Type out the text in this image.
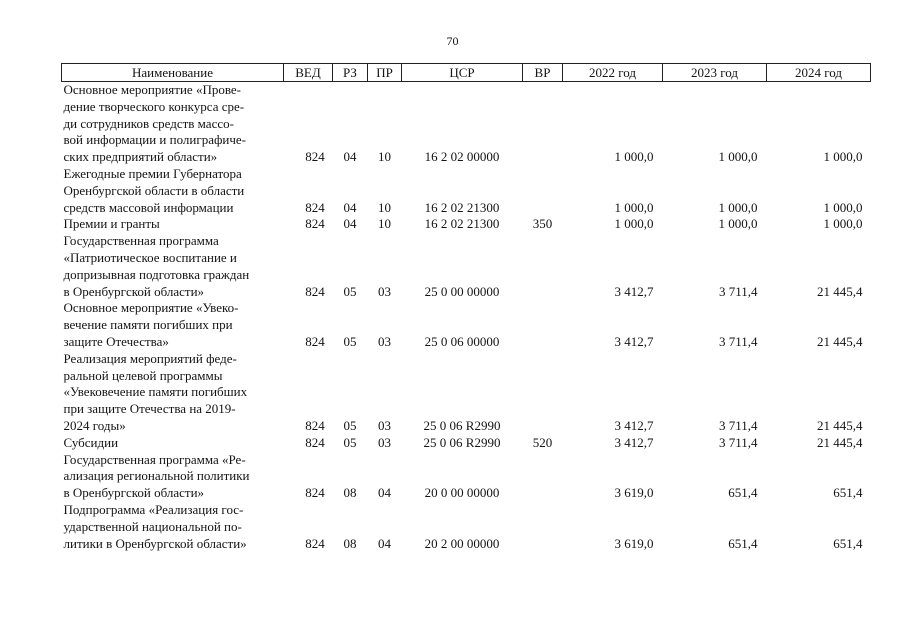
70
Наименование	ВЕД	РЗ	ПР	ЦСР	ВР	2022 год	2023 год	2024 год
Основное мероприятие «Прове-
дение творческого конкурса сре-
ди сотрудников средств массо-
вой информации и полиграфиче-
ских предприятий области»	824	04	10	16 2 02 00000		1 000,0	1 000,0	1 000,0
Ежегодные премии Губернатора
Оренбургской области в области
средств массовой информации	824	04	10	16 2 02 21300		1 000,0	1 000,0	1 000,0
Премии и гранты	824	04	10	16 2 02 21300	350	1 000,0	1 000,0	1 000,0
Государственная программа
«Патриотическое воспитание и
допризывная подготовка граждан
в Оренбургской области»	824	05	03	25 0 00 00000		3 412,7	3 711,4	21 445,4
Основное мероприятие «Увеко-
вечение памяти погибших при
защите Отечества»	824	05	03	25 0 06 00000		3 412,7	3 711,4	21 445,4
Реализация мероприятий феде-
ральной целевой программы
«Увековечение памяти погибших
при защите Отечества на 2019-
2024 годы»	824	05	03	25 0 06 R2990		3 412,7	3 711,4	21 445,4
Субсидии	824	05	03	25 0 06 R2990	520	3 412,7	3 711,4	21 445,4
Государственная программа «Ре-
ализация региональной политики
в Оренбургской области»	824	08	04	20 0 00 00000		3 619,0	651,4	651,4
Подпрограмма «Реализация гос-
ударственной национальной по-
литики в Оренбургской области»	824	08	04	20 2 00 00000		3 619,0	651,4	651,4
